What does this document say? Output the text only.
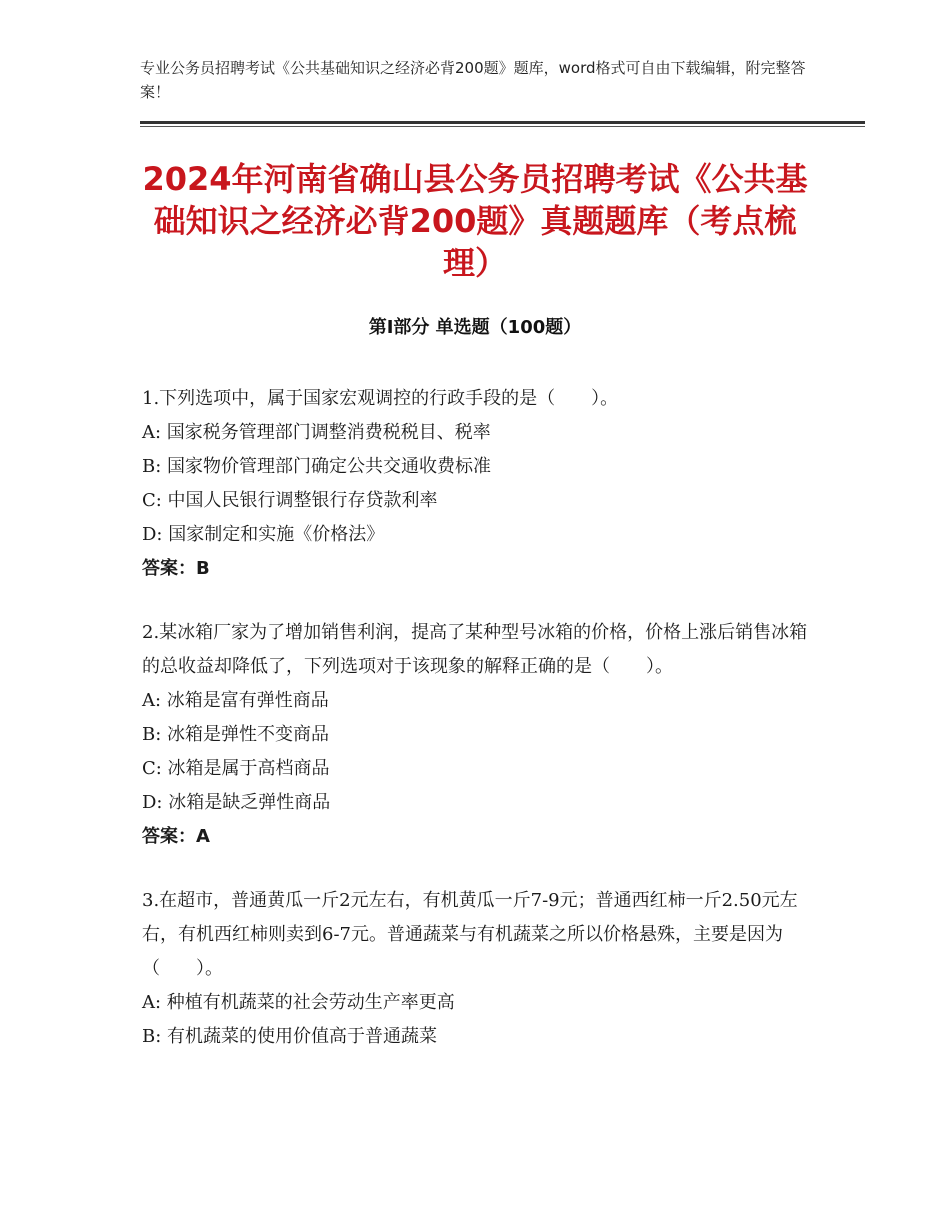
专业公务员招聘考试《公共基础知识之经济必背200题》题库，word格式可自由下载编辑，附完整答案！
2024年河南省确山县公务员招聘考试《公共基础知识之经济必背200题》真题题库（考点梳理）
第Ⅰ部分 单选题（100题）
1.下列选项中，属于国家宏观调控的行政手段的是（　　）。
A: 国家税务管理部门调整消费税税目、税率
B: 国家物价管理部门确定公共交通收费标准
C: 中国人民银行调整银行存贷款利率
D: 国家制定和实施《价格法》
答案：B
2.某冰箱厂家为了增加销售利润，提高了某种型号冰箱的价格，价格上涨后销售冰箱的总收益却降低了，下列选项对于该现象的解释正确的是（　　）。
A: 冰箱是富有弹性商品
B: 冰箱是弹性不变商品
C: 冰箱是属于高档商品
D: 冰箱是缺乏弹性商品
答案：A
3.在超市，普通黄瓜一斤2元左右，有机黄瓜一斤7-9元；普通西红柿一斤2.50元左右，有机西红柿则卖到6-7元。普通蔬菜与有机蔬菜之所以价格悬殊，主要是因为（　　）。
A: 种植有机蔬菜的社会劳动生产率更高
B: 有机蔬菜的使用价值高于普通蔬菜
